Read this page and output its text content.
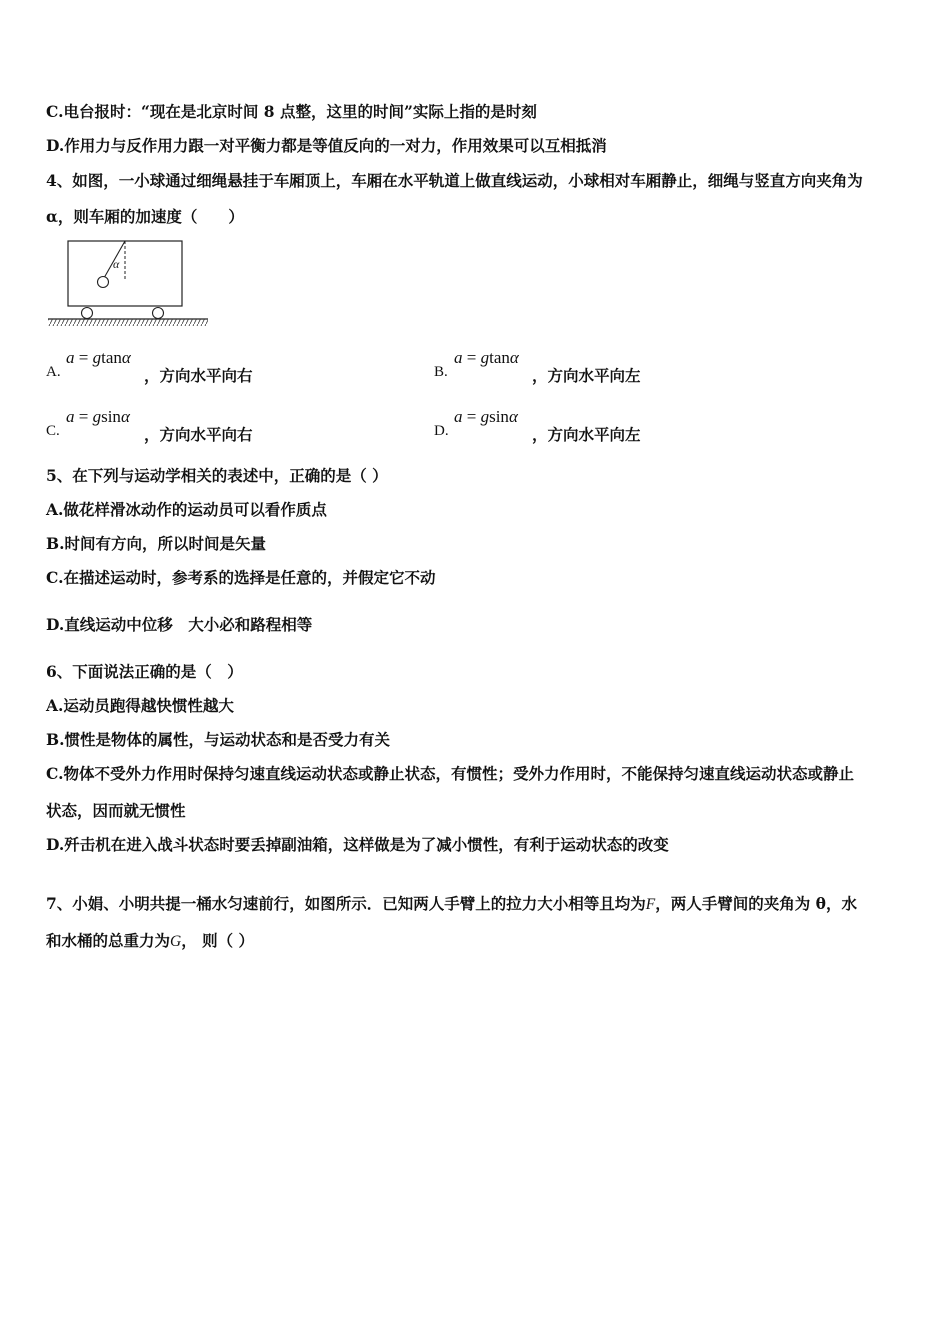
C.电台报时：“现在是北京时间 8 点整，这里的时间”实际上指的是时刻
D.作用力与反作用力跟一对平衡力都是等值反向的一对力，作用效果可以互相抵消
4、如图，一小球通过细绳悬挂于车厢顶上，车厢在水平轨道上做直线运动，小球相对车厢静止，细绳与竖直方向夹角为
α，则车厢的加速度（　　）
α
A.
a = gtanα
，方向水平向右	B.
a = gtanα
，方向水平向左
C.
a = gsinα
，方向水平向右	D.
a = gsinα
，方向水平向左
5、在下列与运动学相关的表述中，正确的是（ ）
A.做花样滑冰动作的运动员可以看作质点
B.时间有方向，所以时间是矢量
C.在描述运动时，参考系的选择是任意的，并假定它不动
D.直线运动中位移　大小必和路程相等
6、下面说法正确的是（　）
A.运动员跑得越快惯性越大
B.惯性是物体的属性，与运动状态和是否受力有关
C.物体不受外力作用时保持匀速直线运动状态或静止状态，有惯性；受外力作用时，不能保持匀速直线运动状态或静止
状态，因而就无惯性
D.歼击机在进入战斗状态时要丢掉副油箱，这样做是为了减小惯性，有利于运动状态的改变
7、小娟、小明共提一桶水匀速前行，如图所示．已知两人手臂上的拉力大小相等且均为F，两人手臂间的夹角为 θ，水
和水桶的总重力为G， 则（ ）
